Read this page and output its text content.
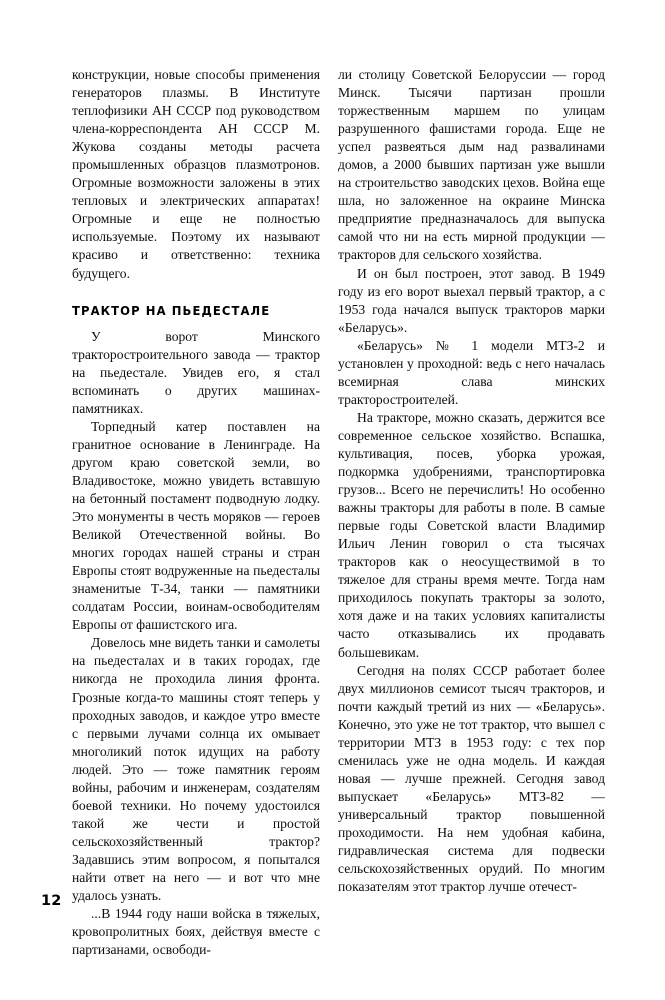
конструкции, новые способы применения генераторов плазмы. В Институте теплофизики АН СССР под руководством члена-корреспондента АН СССР М. Жукова созданы методы расчета промышленных образцов плазмотронов. Огромные возможности заложены в этих тепловых и электрических аппаратах! Огромные и еще не полностью используемые. Поэтому их называют красиво и ответственно: техника будущего.

ТРАКТОР НА ПЬЕДЕСТАЛЕ

У ворот Минского тракторостроительного завода — трактор на пьедестале. Увидев его, я стал вспоминать о других машинах-памятниках.

Торпедный катер поставлен на гранитное основание в Ленинграде. На другом краю советской земли, во Владивостоке, можно увидеть вставшую на бетонный постамент подводную лодку. Это монументы в честь моряков — героев Великой Отечественной войны. Во многих городах нашей страны и стран Европы стоят водруженные на пьедесталы знаменитые Т-34, танки — памятники солдатам России, воинам-освободителям Европы от фашистского ига.

Довелось мне видеть танки и самолеты на пьедесталах и в таких городах, где никогда не проходила линия фронта. Грозные когда-то машины стоят теперь у проходных заводов, и каждое утро вместе с первыми лучами солнца их омывает многоликий поток идущих на работу людей. Это — тоже памятник героям войны, рабочим и инженерам, создателям боевой техники. Но почему удостоился такой же чести и простой сельскохозяйственный трактор? Задавшись этим вопросом, я попытался найти ответ на него — и вот что мне удалось узнать.

...В 1944 году наши войска в тяжелых, кровопролитных боях, действуя вместе с партизанами, освободи-

ли столицу Советской Белоруссии — город Минск. Тысячи партизан прошли торжественным маршем по улицам разрушенного фашистами города. Еще не успел развеяться дым над развалинами домов, а 2000 бывших партизан уже вышли на строительство заводских цехов. Война еще шла, но заложенное на окраине Минска предприятие предназначалось для выпуска самой что ни на есть мирной продукции — тракторов для сельского хозяйства.

И он был построен, этот завод. В 1949 году из его ворот выехал первый трактор, а с 1953 года начался выпуск тракторов марки «Беларусь».

«Беларусь» № 1 модели МТЗ-2 и установлен у проходной: ведь с него началась всемирная слава минских тракторостроителей.

На тракторе, можно сказать, держится все современное сельское хозяйство. Вспашка, культивация, посев, уборка урожая, подкормка удобрениями, транспортировка грузов... Всего не перечислить! Но особенно важны тракторы для работы в поле. В самые первые годы Советской власти Владимир Ильич Ленин говорил о ста тысячах тракторов как о неосуществимой в то тяжелое для страны время мечте. Тогда нам приходилось покупать тракторы за золото, хотя даже и на таких условиях капиталисты часто отказывались их продавать большевикам.

Сегодня на полях СССР работает более двух миллионов семисот тысяч тракторов, и почти каждый третий из них — «Беларусь». Конечно, это уже не тот трактор, что вышел с территории МТЗ в 1953 году: с тех пор сменилась уже не одна модель. И каждая новая — лучше прежней. Сегодня завод выпускает «Беларусь» МТЗ-82 — универсальный трактор повышенной проходимости. На нем удобная кабина, гидравлическая система для подвески сельскохозяйственных орудий. По многим показателям этот трактор лучше отечест-

12
